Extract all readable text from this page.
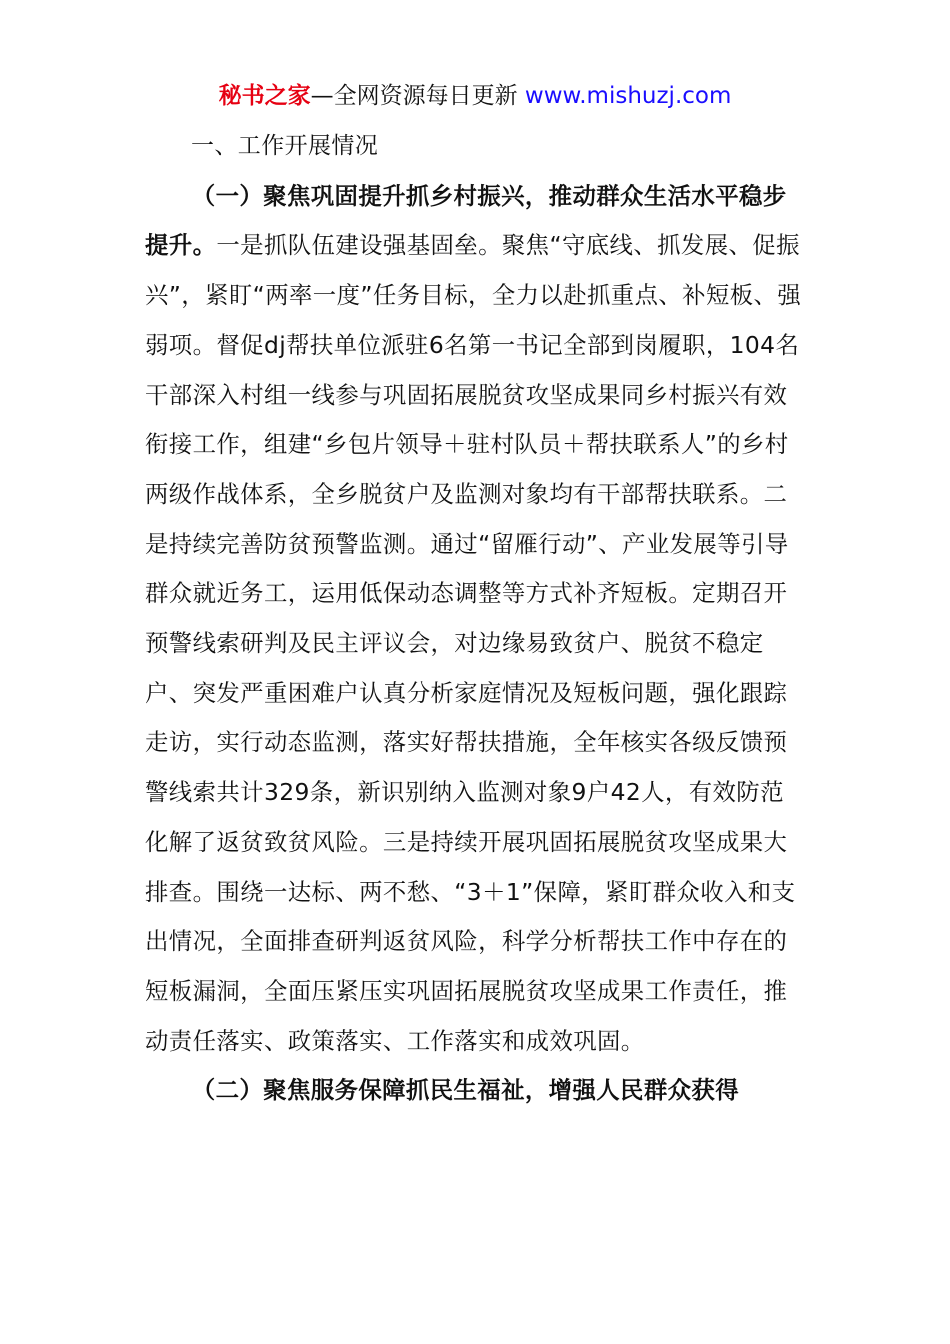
秘书之家—全网资源每日更新 www.mishuzj.com

一、工作开展情况

（一）聚焦巩固提升抓乡村振兴，推动群众生活水平稳步提升。一是抓队伍建设强基固垒。聚焦“守底线、抓发展、促振兴”，紧盯“两率一度”任务目标，全力以赴抓重点、补短板、强弱项。督促dj帮扶单位派驻6名第一书记全部到岗履职，104名干部深入村组一线参与巩固拓展脱贫攻坚成果同乡村振兴有效衔接工作，组建“乡包片领导＋驻村队员＋帮扶联系人”的乡村两级作战体系，全乡脱贫户及监测对象均有干部帮扶联系。二是持续完善防贫预警监测。通过“留雁行动”、产业发展等引导群众就近务工，运用低保动态调整等方式补齐短板。定期召开预警线索研判及民主评议会，对边缘易致贫户、脱贫不稳定户、突发严重困难户认真分析家庭情况及短板问题，强化跟踪走访，实行动态监测，落实好帮扶措施，全年核实各级反馈预警线索共计329条，新识别纳入监测对象9户42人，有效防范化解了返贫致贫风险。三是持续开展巩固拓展脱贫攻坚成果大排查。围绕一达标、两不愁、“3＋1”保障，紧盯群众收入和支出情况，全面排查研判返贫风险，科学分析帮扶工作中存在的短板漏洞，全面压紧压实巩固拓展脱贫攻坚成果工作责任，推动责任落实、政策落实、工作落实和成效巩固。

（二）聚焦服务保障抓民生福祉，增强人民群众获得
